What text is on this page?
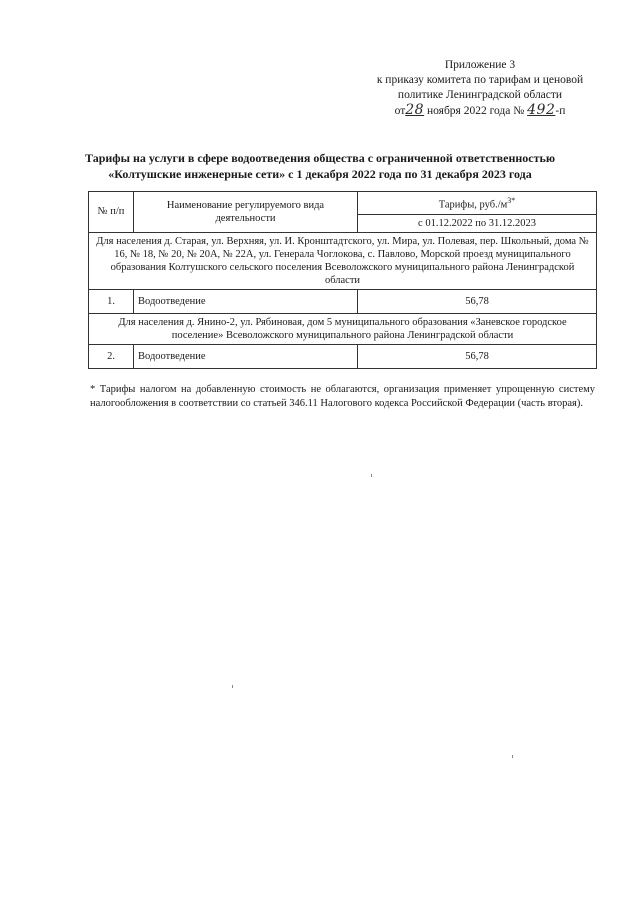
Приложение 3
к приказу комитета по тарифам и ценовой
политике Ленинградской области
от28 ноября 2022 года № 492-п
Тарифы на услуги в сфере водоотведения общества с ограниченной ответственностью
«Колтушские инженерные сети» с 1 декабря 2022 года по 31 декабря 2023 года
№ п/п	Наименование регулируемого вида деятельности	Тарифы, $руб./м^{3*}$
		с 01.12.2022 по 31.12.2023
Для населения д. Старая, ул. Верхняя, ул. И. Кронштадтского, ул. Мира, ул. Полевая, пер. Школьный, дома № 16, № 18, № 20, № 20А, № 22А, ул. Генерала Чоглокова, с. Павлово, Морской проезд муниципального образования Колтушского сельского поселения Всеволожского муниципального района Ленинградской области		
1.	Водоотведение	56,78
Для населения д. Янино-2, ул. Рябиновая, дом 5 муниципального образования «Заневское городское поселение» Всеволожского муниципального района Ленинградской области		
2.	Водоотведение	56,78
* Тарифы налогом на добавленную стоимость не облагаются, организация применяет упрощенную систему налогообложения в соответствии со статьей 346.11 Налогового кодекса Российской Федерации (часть вторая).
